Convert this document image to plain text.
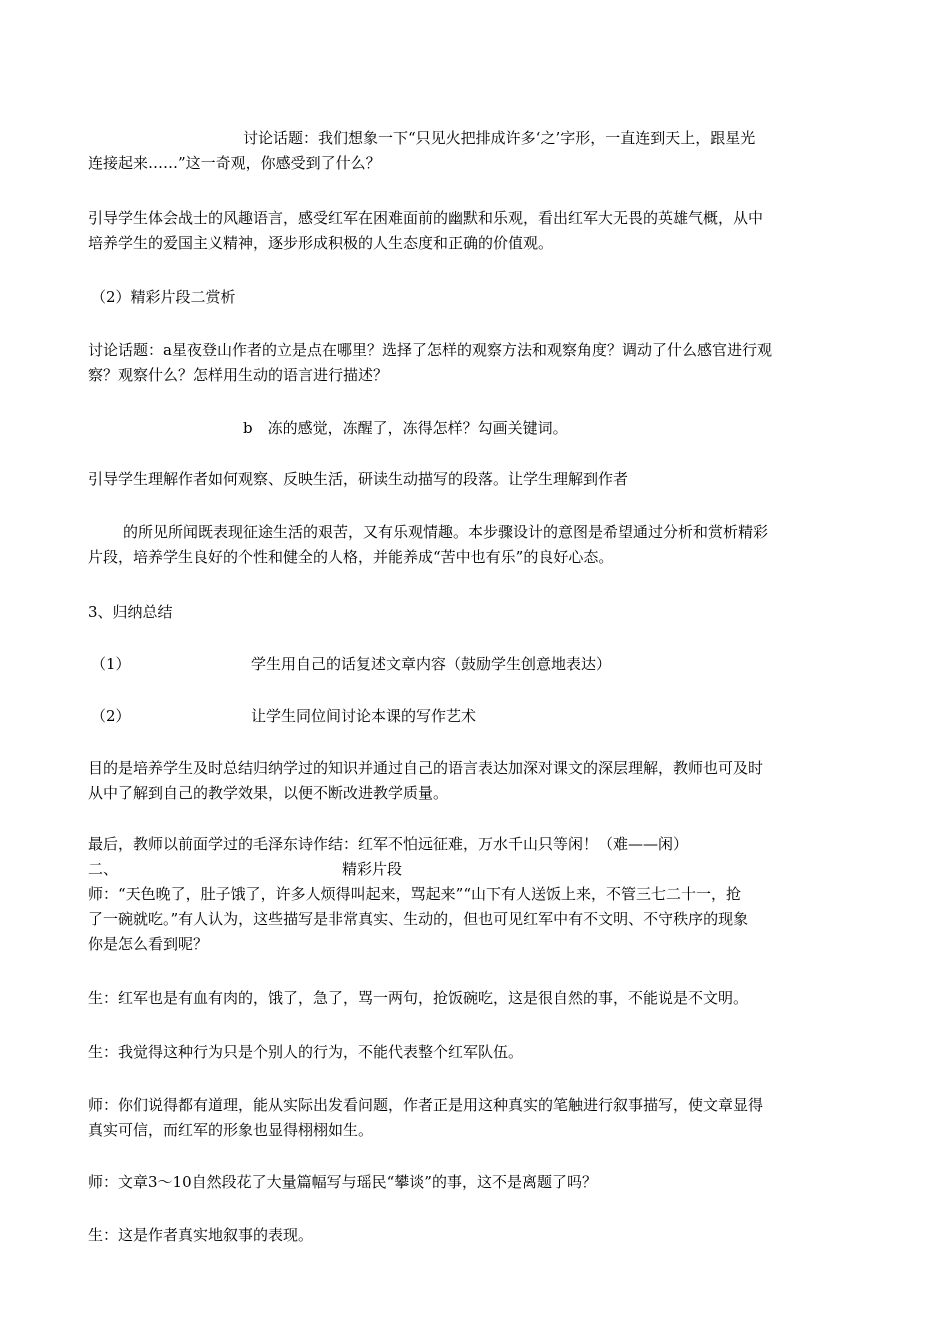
讨论话题：我们想象一下“只见火把排成许多‘之’字形，一直连到天上，跟星光
连接起来……”这一奇观，你感受到了什么？
引导学生体会战士的风趣语言，感受红军在困难面前的幽默和乐观，看出红军大无畏的英雄气概，从中
培养学生的爱国主义精神，逐步形成积极的人生态度和正确的价值观。
（2）精彩片段二赏析
讨论话题：a星夜登山作者的立是点在哪里？选择了怎样的观察方法和观察角度？调动了什么感官进行观
察？观察什么？怎样用生动的语言进行描述？
b　冻的感觉，冻醒了，冻得怎样？勾画关键词。
引导学生理解作者如何观察、反映生活，研读生动描写的段落。让学生理解到作者
的所见所闻既表现征途生活的艰苦，又有乐观情趣。本步骤设计的意图是希望通过分析和赏析精彩
片段，培养学生良好的个性和健全的人格，并能养成“苦中也有乐”的良好心态。
3、归纳总结
（1）	学生用自己的话复述文章内容（鼓励学生创意地表达）
（2）	让学生同位间讨论本课的写作艺术
目的是培养学生及时总结归纳学过的知识并通过自己的语言表达加深对课文的深层理解，教师也可及时
从中了解到自己的教学效果，以便不断改进教学质量。
最后，教师以前面学过的毛泽东诗作结：红军不怕远征难，万水千山只等闲！（难——闲）
二、	精彩片段
师：“天色晚了，肚子饿了，许多人烦得叫起来，骂起来”“山下有人送饭上来，不管三七二十一，抢
了一碗就吃。”有人认为，这些描写是非常真实、生动的，但也可见红军中有不文明、不守秩序的现象
你是怎么看到呢？
生：红军也是有血有肉的，饿了，急了，骂一两句，抢饭碗吃，这是很自然的事，不能说是不文明。
生：我觉得这种行为只是个别人的行为，不能代表整个红军队伍。
师：你们说得都有道理，能从实际出发看问题，作者正是用这种真实的笔触进行叙事描写，使文章显得
真实可信，而红军的形象也显得栩栩如生。
师：文章3～10自然段花了大量篇幅写与瑶民“攀谈”的事，这不是离题了吗？
生：这是作者真实地叙事的表现。
